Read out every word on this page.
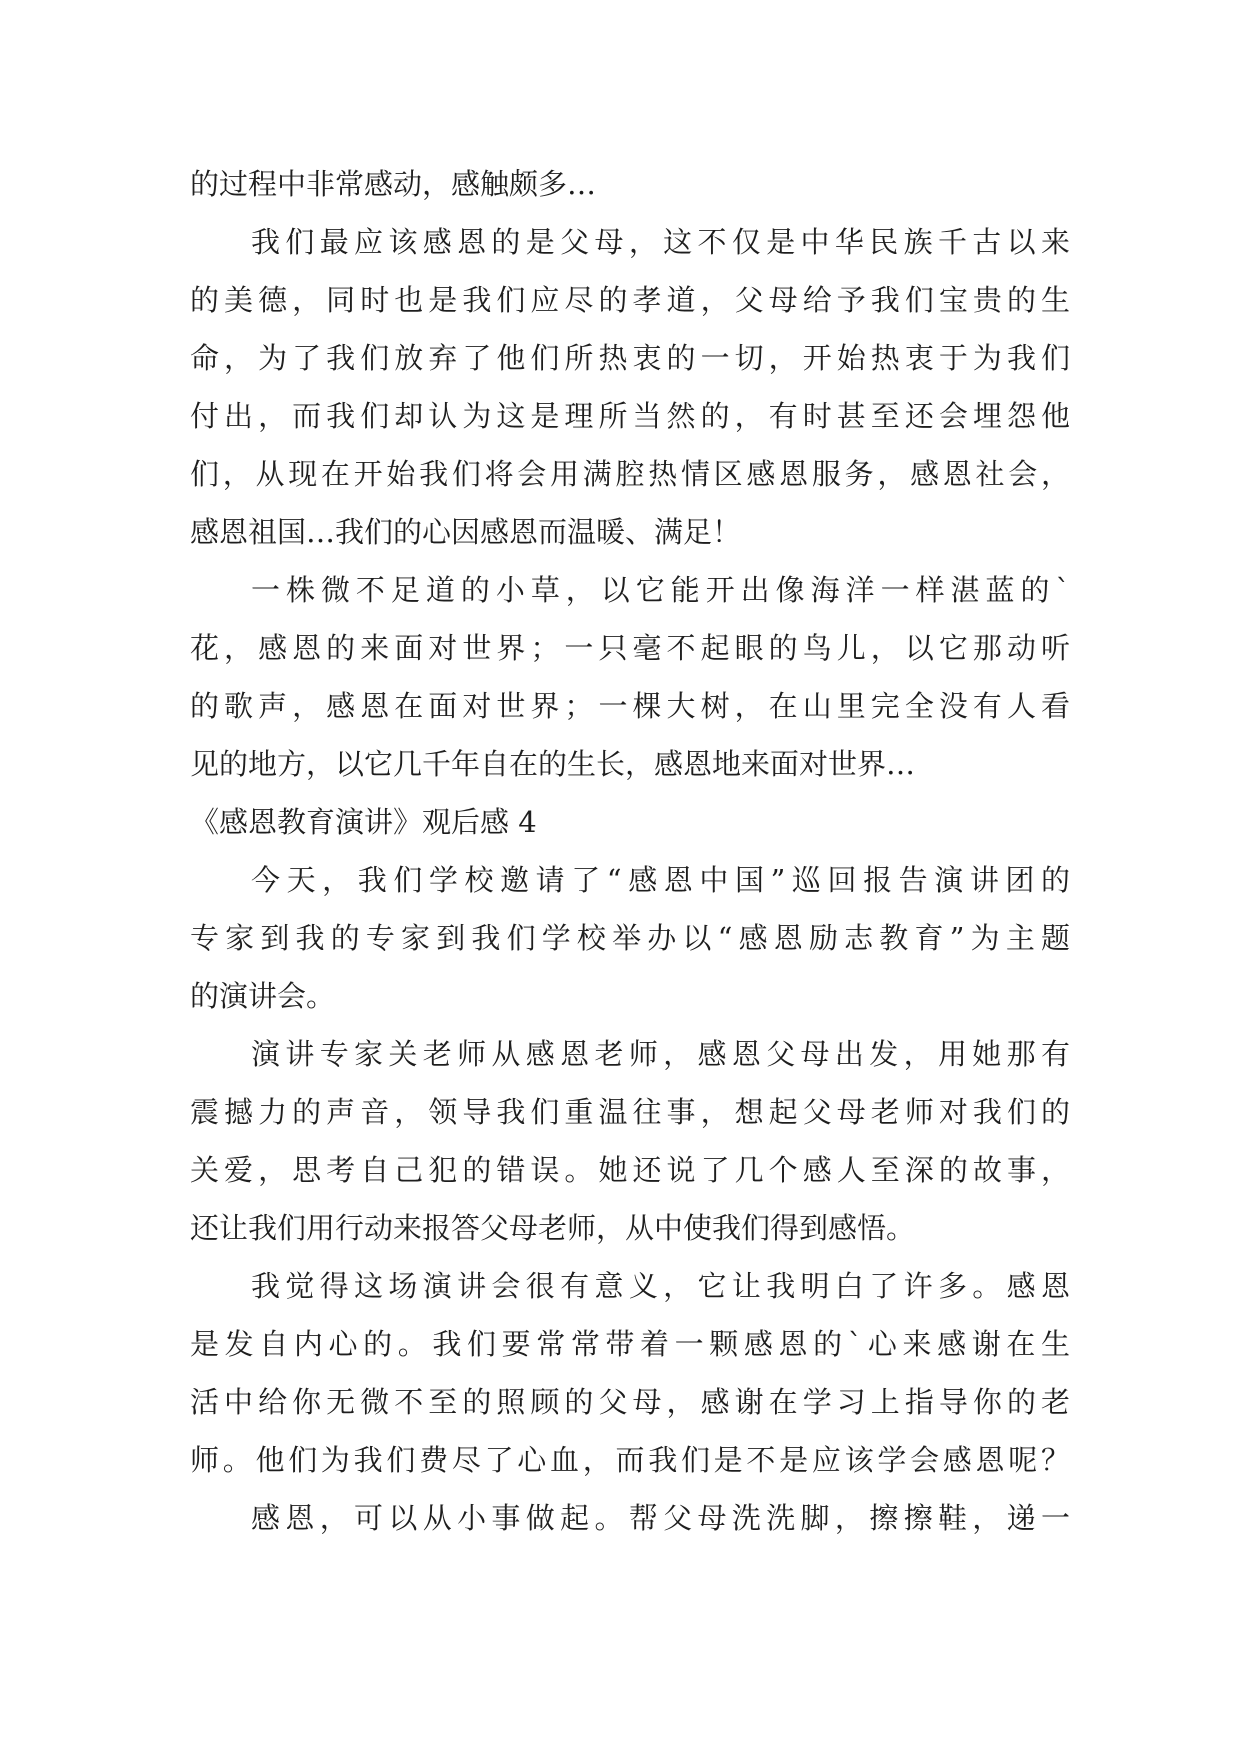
的过程中非常感动，感触颇多…
我们最应该感恩的是父母，这不仅是中华民族千古以来
的美德，同时也是我们应尽的孝道，父母给予我们宝贵的生
命，为了我们放弃了他们所热衷的一切，开始热衷于为我们
付出，而我们却认为这是理所当然的，有时甚至还会埋怨他
们，从现在开始我们将会用满腔热情区感恩服务，感恩社会，
感恩祖国…我们的心因感恩而温暖、满足！
一株微不足道的小草，以它能开出像海洋一样湛蓝的`
花，感恩的来面对世界；一只毫不起眼的鸟儿，以它那动听
的歌声，感恩在面对世界；一棵大树，在山里完全没有人看
见的地方，以它几千年自在的生长，感恩地来面对世界…
《感恩教育演讲》观后感 4
今天，我们学校邀请了“感恩中国”巡回报告演讲团的
专家到我的专家到我们学校举办以“感恩励志教育”为主题
的演讲会。
演讲专家关老师从感恩老师，感恩父母出发，用她那有
震撼力的声音，领导我们重温往事，想起父母老师对我们的
关爱，思考自己犯的错误。她还说了几个感人至深的故事，
还让我们用行动来报答父母老师，从中使我们得到感悟。
我觉得这场演讲会很有意义，它让我明白了许多。感恩
是发自内心的。我们要常常带着一颗感恩的`心来感谢在生
活中给你无微不至的照顾的父母，感谢在学习上指导你的老
师。他们为我们费尽了心血，而我们是不是应该学会感恩呢？
感恩，可以从小事做起。帮父母洗洗脚，擦擦鞋，递一
